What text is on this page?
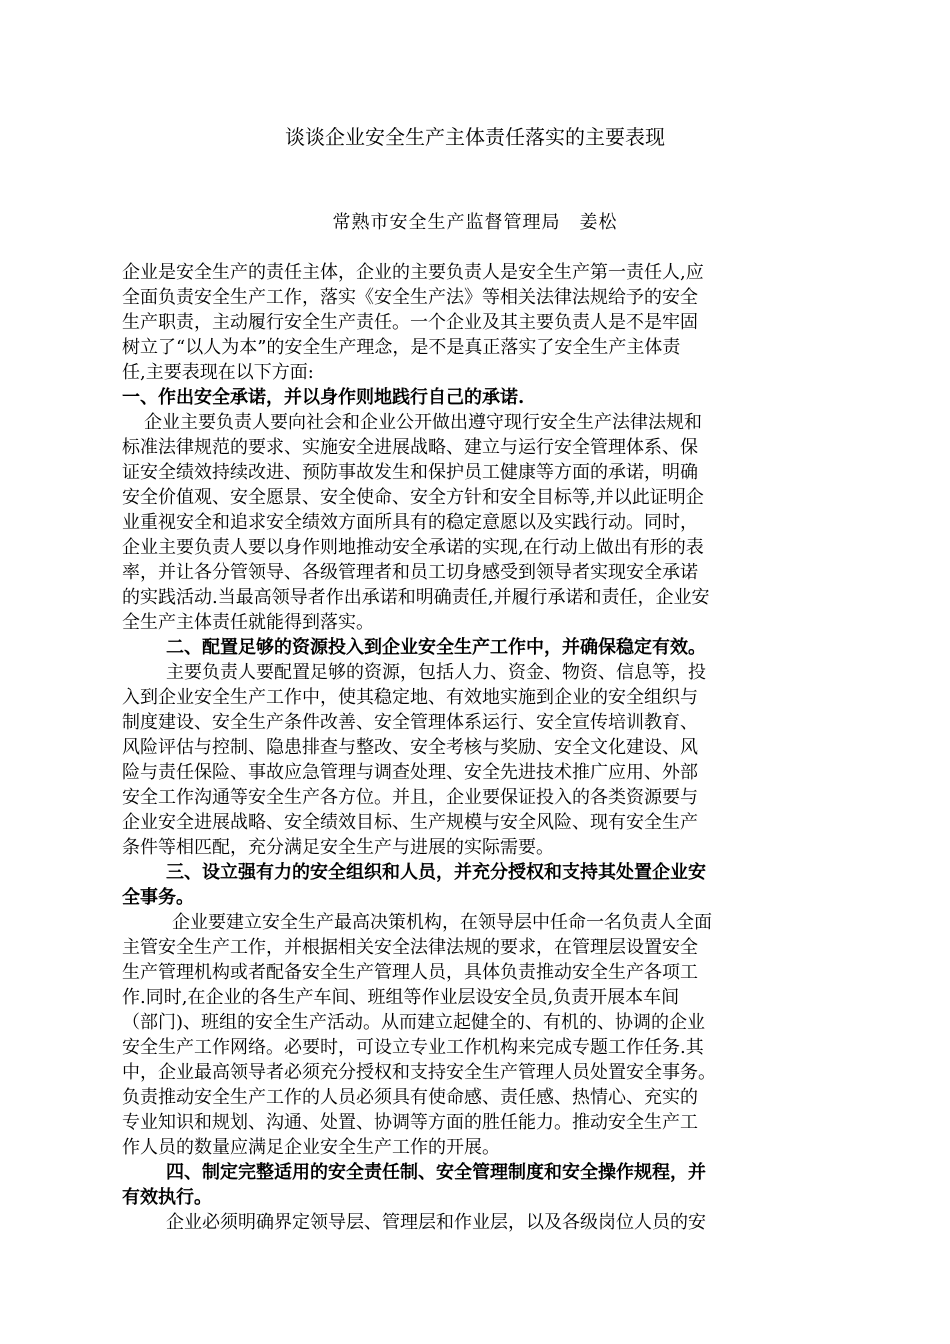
谈谈企业安全生产主体责任落实的主要表现

常熟市安全生产监督管理局　姜松

企业是安全生产的责任主体，企业的主要负责人是安全生产第一责任人,应
全面负责安全生产工作，落实《安全生产法》等相关法律法规给予的安全
生产职责，主动履行安全生产责任。一个企业及其主要负责人是不是牢固
树立了“以人为本”的安全生产理念，是不是真正落实了安全生产主体责
任,主要表现在以下方面:
一、作出安全承诺，并以身作则地践行自己的承诺.
企业主要负责人要向社会和企业公开做出遵守现行安全生产法律法规和
标准法律规范的要求、实施安全进展战略、建立与运行安全管理体系、保
证安全绩效持续改进、预防事故发生和保护员工健康等方面的承诺，明确
安全价值观、安全愿景、安全使命、安全方针和安全目标等,并以此证明企
业重视安全和追求安全绩效方面所具有的稳定意愿以及实践行动。同时，
企业主要负责人要以身作则地推动安全承诺的实现,在行动上做出有形的表
率，并让各分管领导、各级管理者和员工切身感受到领导者实现安全承诺
的实践活动.当最高领导者作出承诺和明确责任,并履行承诺和责任，企业安
全生产主体责任就能得到落实。
二、配置足够的资源投入到企业安全生产工作中，并确保稳定有效。
主要负责人要配置足够的资源，包括人力、资金、物资、信息等，投
入到企业安全生产工作中，使其稳定地、有效地实施到企业的安全组织与
制度建设、安全生产条件改善、安全管理体系运行、安全宣传培训教育、
风险评估与控制、隐患排查与整改、安全考核与奖励、安全文化建设、风
险与责任保险、事故应急管理与调查处理、安全先进技术推广应用、外部
安全工作沟通等安全生产各方位。并且，企业要保证投入的各类资源要与
企业安全进展战略、安全绩效目标、生产规模与安全风险、现有安全生产
条件等相匹配，充分满足安全生产与进展的实际需要。
三、设立强有力的安全组织和人员，并充分授权和支持其处置企业安
全事务。
企业要建立安全生产最高决策机构，在领导层中任命一名负责人全面
主管安全生产工作，并根据相关安全法律法规的要求，在管理层设置安全
生产管理机构或者配备安全生产管理人员，具体负责推动安全生产各项工
作.同时,在企业的各生产车间、班组等作业层设安全员,负责开展本车间
（部门)、班组的安全生产活动。从而建立起健全的、有机的、协调的企业
安全生产工作网络。必要时，可设立专业工作机构来完成专题工作任务.其
中，企业最高领导者必须充分授权和支持安全生产管理人员处置安全事务。
负责推动安全生产工作的人员必须具有使命感、责任感、热情心、充实的
专业知识和规划、沟通、处置、协调等方面的胜任能力。推动安全生产工
作人员的数量应满足企业安全生产工作的开展。
四、制定完整适用的安全责任制、安全管理制度和安全操作规程，并
有效执行。
企业必须明确界定领导层、管理层和作业层，以及各级岗位人员的安
